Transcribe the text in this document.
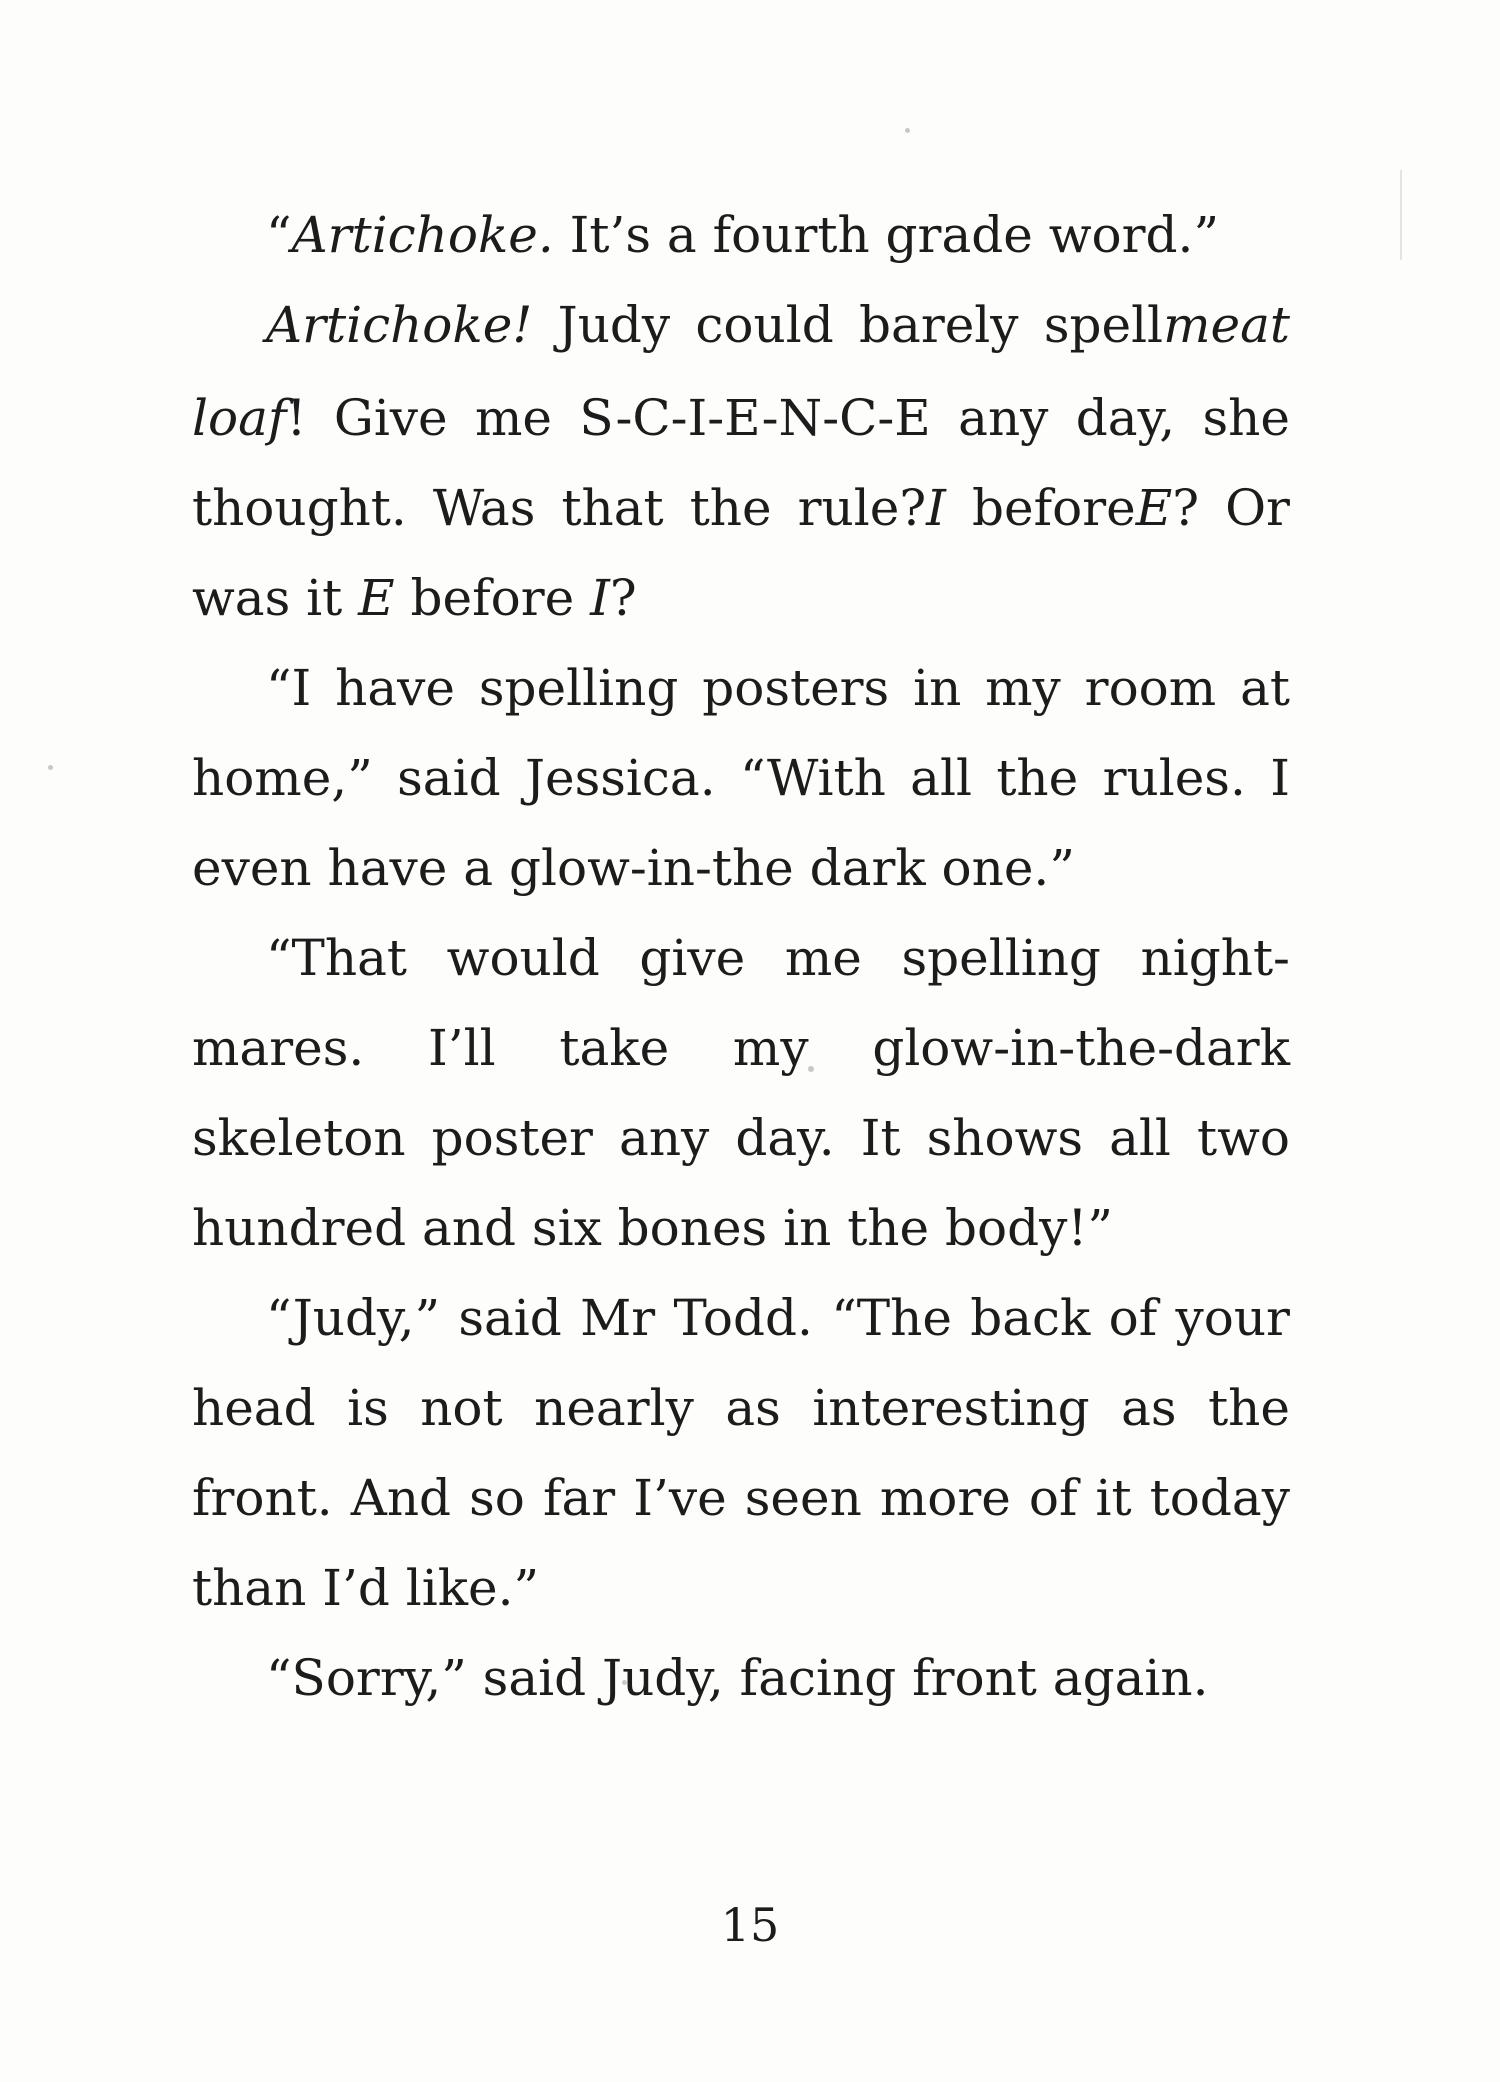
“Artichoke. It’s a fourth grade word.”
Artichoke! Judy could barely spellmeat
loaf! Give me S-C-I-E-N-C-E any day, she
thought. Was that the rule?I beforeE? Or
was it E before I?
“I have spelling posters in my room at
home,” said Jessica. “With all the rules. I
even have a glow-in-the dark one.”
“That would give me spelling night-
mares. I’ll take my glow-in-the-dark
skeleton poster any day. It shows all two
hundred and six bones in the body!”
“Judy,” said Mr Todd. “The back of your
head is not nearly as interesting as the
front. And so far I’ve seen more of it today
than I’d like.”
“Sorry,” said Judy, facing front again.
15
